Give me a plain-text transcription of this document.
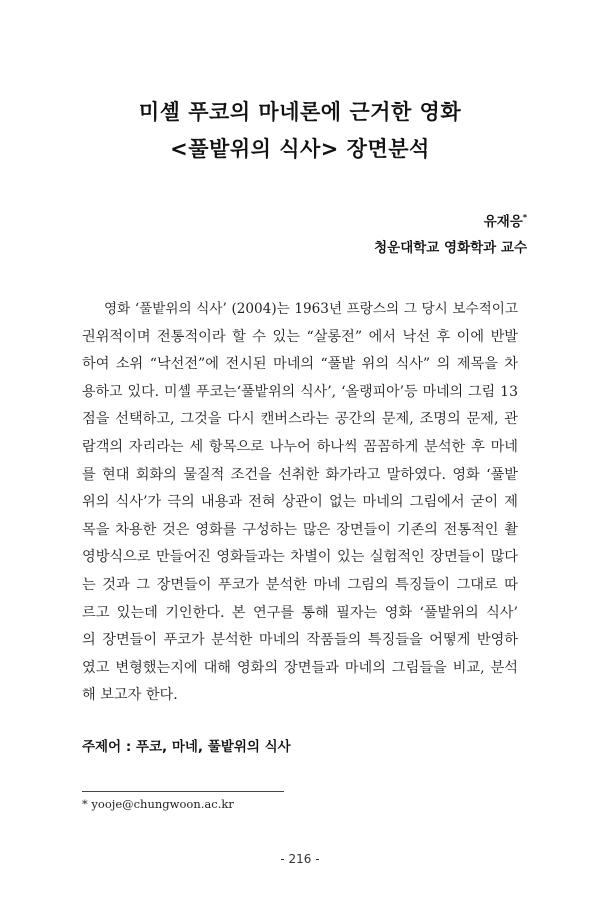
미셸 푸코의 마네론에 근거한 영화
<풀밭위의 식사> 장면분석
유재응*
청운대학교 영화학과 교수
영화 ‘풀밭위의 식사’ (2004)는 1963년 프랑스의 그 당시 보수적이고
권위적이며 전통적이라 할 수 있는 “살롱전” 에서 낙선 후 이에 반발
하여 소위 “낙선전”에 전시된 마네의 “풀밭 위의 식사” 의 제목을 차
용하고 있다. 미셸 푸코는‘풀밭위의 식사’, ‘올랭피아’등 마네의 그림 13
점을 선택하고, 그것을 다시 캔버스라는 공간의 문제, 조명의 문제, 관
람객의 자리라는 세 항목으로 나누어 하나씩 꼼꼼하게 분석한 후 마네
를 현대 회화의 물질적 조건을 선취한 화가라고 말하였다. 영화 ‘풀밭
위의 식사’가 극의 내용과 전혀 상관이 없는 마네의 그림에서 굳이 제
목을 차용한 것은 영화를 구성하는 많은 장면들이 기존의 전통적인 촬
영방식으로 만들어진 영화들과는 차별이 있는 실험적인 장면들이 많다
는 것과 그 장면들이 푸코가 분석한 마네 그림의 특징들이 그대로 따
르고 있는데 기인한다. 본 연구를 통해 필자는 영화 ‘풀밭위의 식사’
의 장면들이 푸코가 분석한 마네의 작품들의 특징들을 어떻게 반영하
였고 변형했는지에 대해 영화의 장면들과 마네의 그림들을 비교, 분석
해 보고자 한다.
주제어 : 푸코, 마네, 풀밭위의 식사
* yooje@chungwoon.ac.kr
- 216 -
